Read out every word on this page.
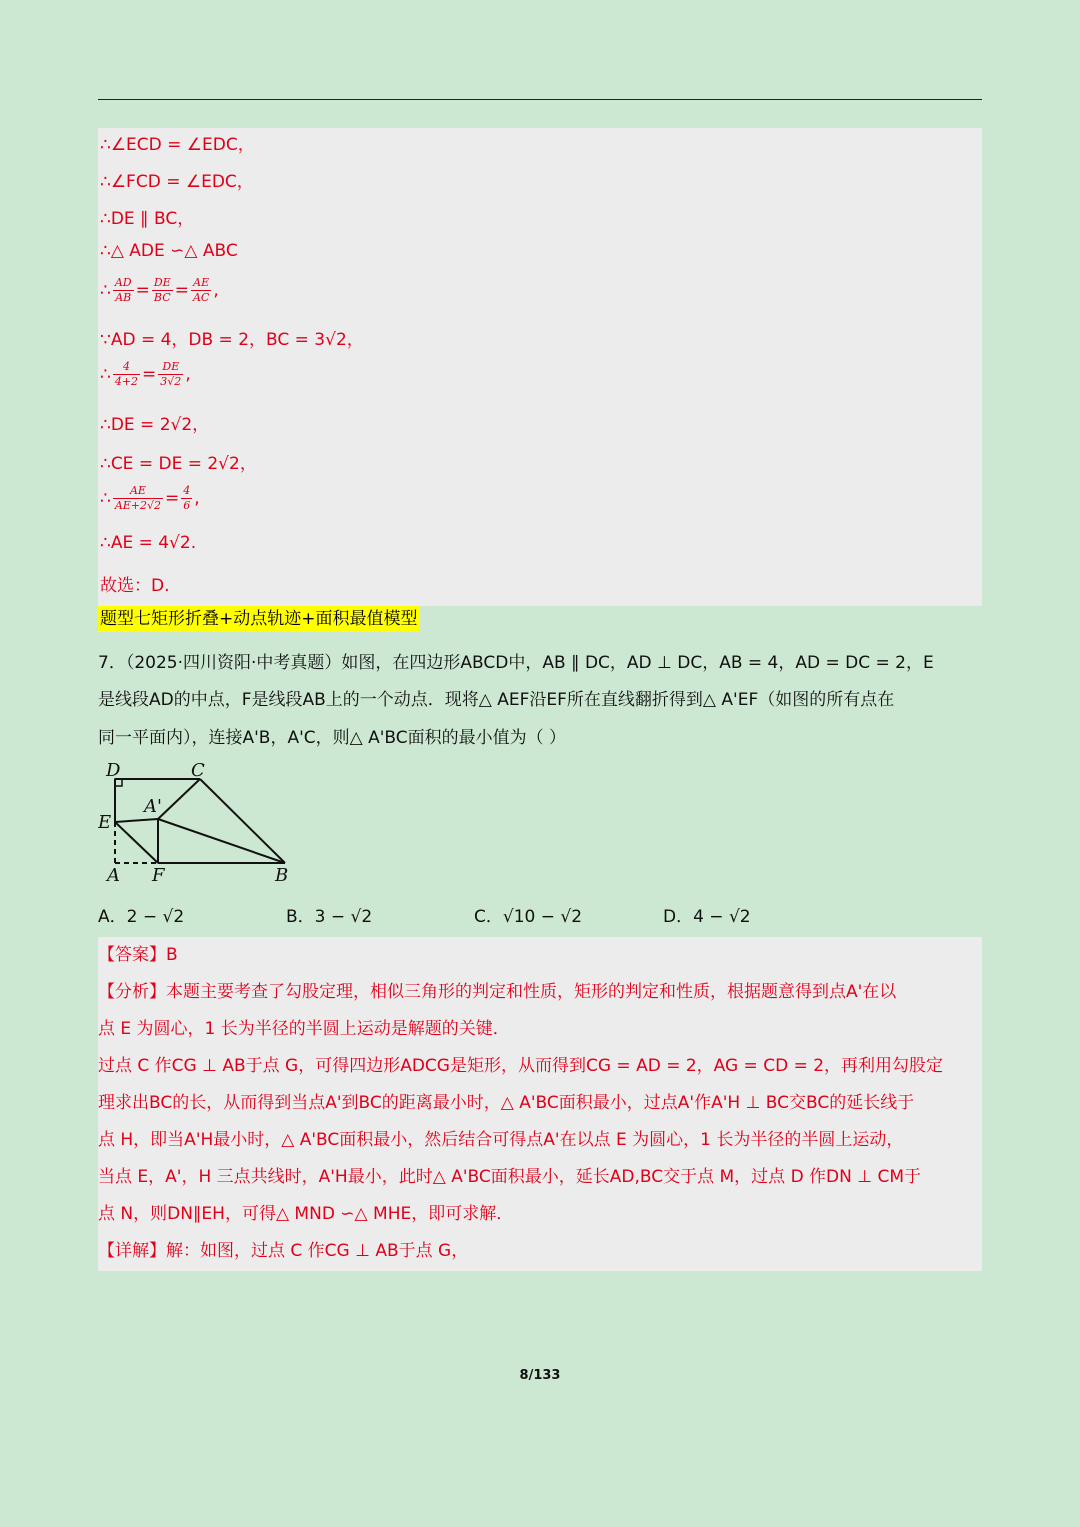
∴∠ECD = ∠EDC，
∴∠FCD = ∠EDC，
∴DE ∥ BC，
∴△ ADE ∽△ ABC
∴ $\frac{AD}{AB} = \frac{DE}{BC} = \frac{AE}{AC}$ ,
∵AD = 4，DB = 2，BC = 3√2，
∴ $\frac{4}{4+2} = \frac{DE}{3√2}$ ,
∴DE = 2√2，
∴CE = DE = 2√2，
∴ $\frac{AE}{AE+2√2} = \frac{4}{6}$ ,
∴AE = 4√2.
故选：D.
题型七矩形折叠+动点轨迹+面积最值模型
7．（2025·四川资阳·中考真题）如图，在四边形ABCD中，AB ∥ DC，AD ⊥ DC，AB = 4，AD = DC = 2，E
是线段AD的中点，F是线段AB上的一个动点．现将△ AEF沿EF所在直线翻折得到△ A'EF（如图的所有点在
同一平面内），连接A'B，A'C，则△ A'BC面积的最小值为（ ）
D	C
A'
E
A F	B
A．2 − √2	B．3 − √2	C．√10 − √2	D．4 − √2
【答案】B
【分析】本题主要考查了勾股定理，相似三角形的判定和性质，矩形的判定和性质，根据题意得到点A'在以
点 E 为圆心，1 长为半径的半圆上运动是解题的关键．
过点 C 作CG ⊥ AB于点 G，可得四边形ADCG是矩形，从而得到CG = AD = 2，AG = CD = 2，再利用勾股定
理求出BC的长，从而得到当点A'到BC的距离最小时，△ A'BC面积最小，过点A'作A'H ⊥ BC交BC的延长线于
点 H，即当A'H最小时，△ A'BC面积最小，然后结合可得点A'在以点 E 为圆心，1 长为半径的半圆上运动，
当点 E，A'，H 三点共线时，A'H最小，此时△ A'BC面积最小，延长AD,BC交于点 M，过点 D 作DN ⊥ CM于
点 N，则DN∥EH，可得△ MND ∽△ MHE，即可求解．
【详解】解：如图，过点 C 作CG ⊥ AB于点 G，
8/133
